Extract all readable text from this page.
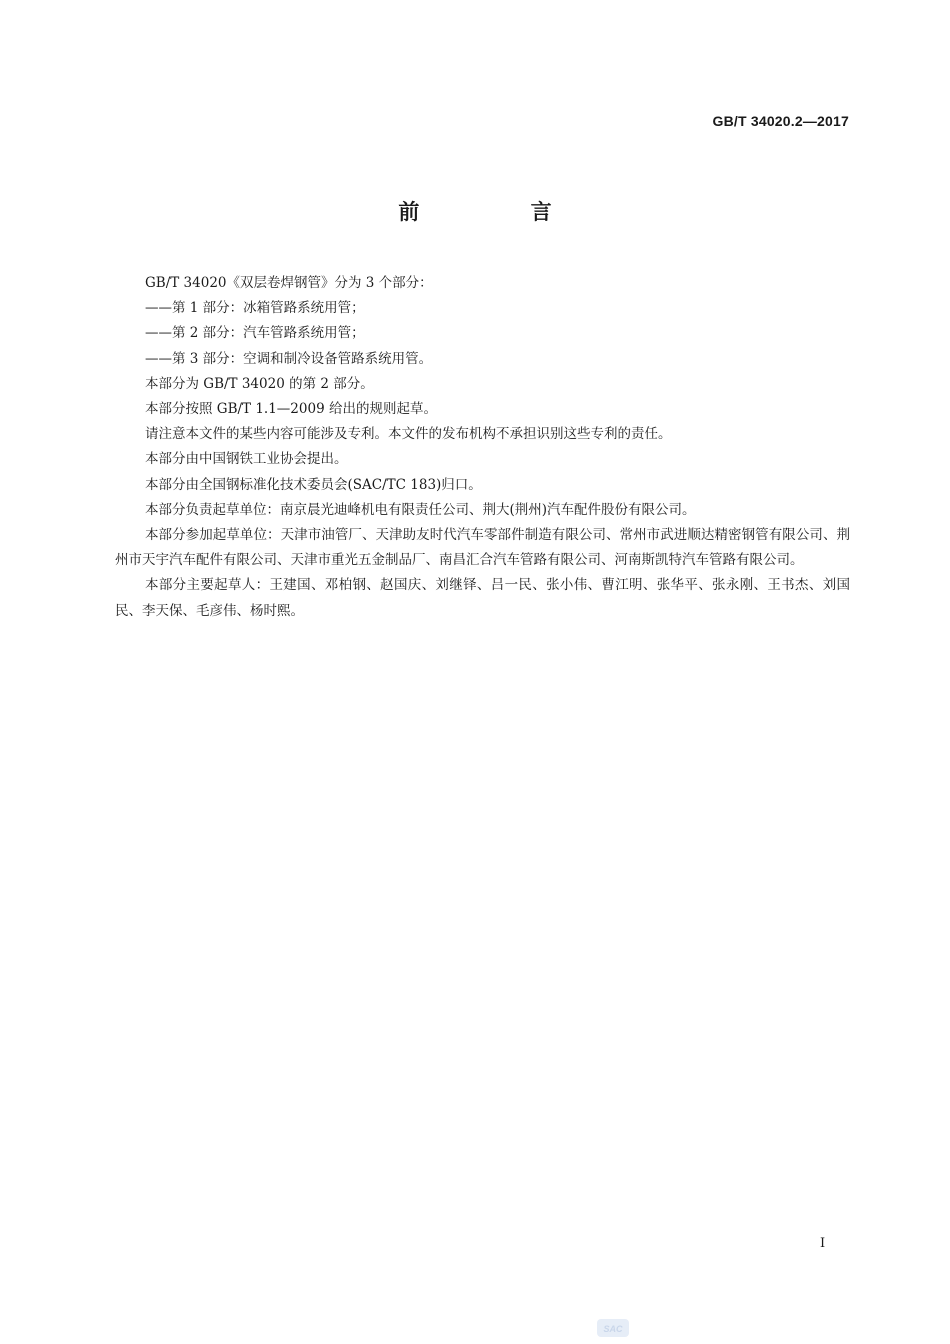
GB/T 34020.2—2017
前 言

GB/T 34020《双层卷焊钢管》分为 3 个部分：

——第 1 部分：冰箱管路系统用管；

——第 2 部分：汽车管路系统用管；

——第 3 部分：空调和制冷设备管路系统用管。

本部分为 GB/T 34020 的第 2 部分。

本部分按照 GB/T 1.1—2009 给出的规则起草。

请注意本文件的某些内容可能涉及专利。本文件的发布机构不承担识别这些专利的责任。

本部分由中国钢铁工业协会提出。

本部分由全国钢标准化技术委员会(SAC/TC 183)归口。

本部分负责起草单位：南京晨光迪峰机电有限责任公司、荆大(荆州)汽车配件股份有限公司。

本部分参加起草单位：天津市油管厂、天津助友时代汽车零部件制造有限公司、常州市武进顺达精密钢管有限公司、荆州市天宇汽车配件有限公司、天津市重光五金制品厂、南昌汇合汽车管路有限公司、河南斯凯特汽车管路有限公司。

本部分主要起草人：王建国、邓柏钢、赵国庆、刘继铎、吕一民、张小伟、曹江明、张华平、张永刚、王书杰、刘国民、李天保、毛彦伟、杨时熙。

I
SAC
